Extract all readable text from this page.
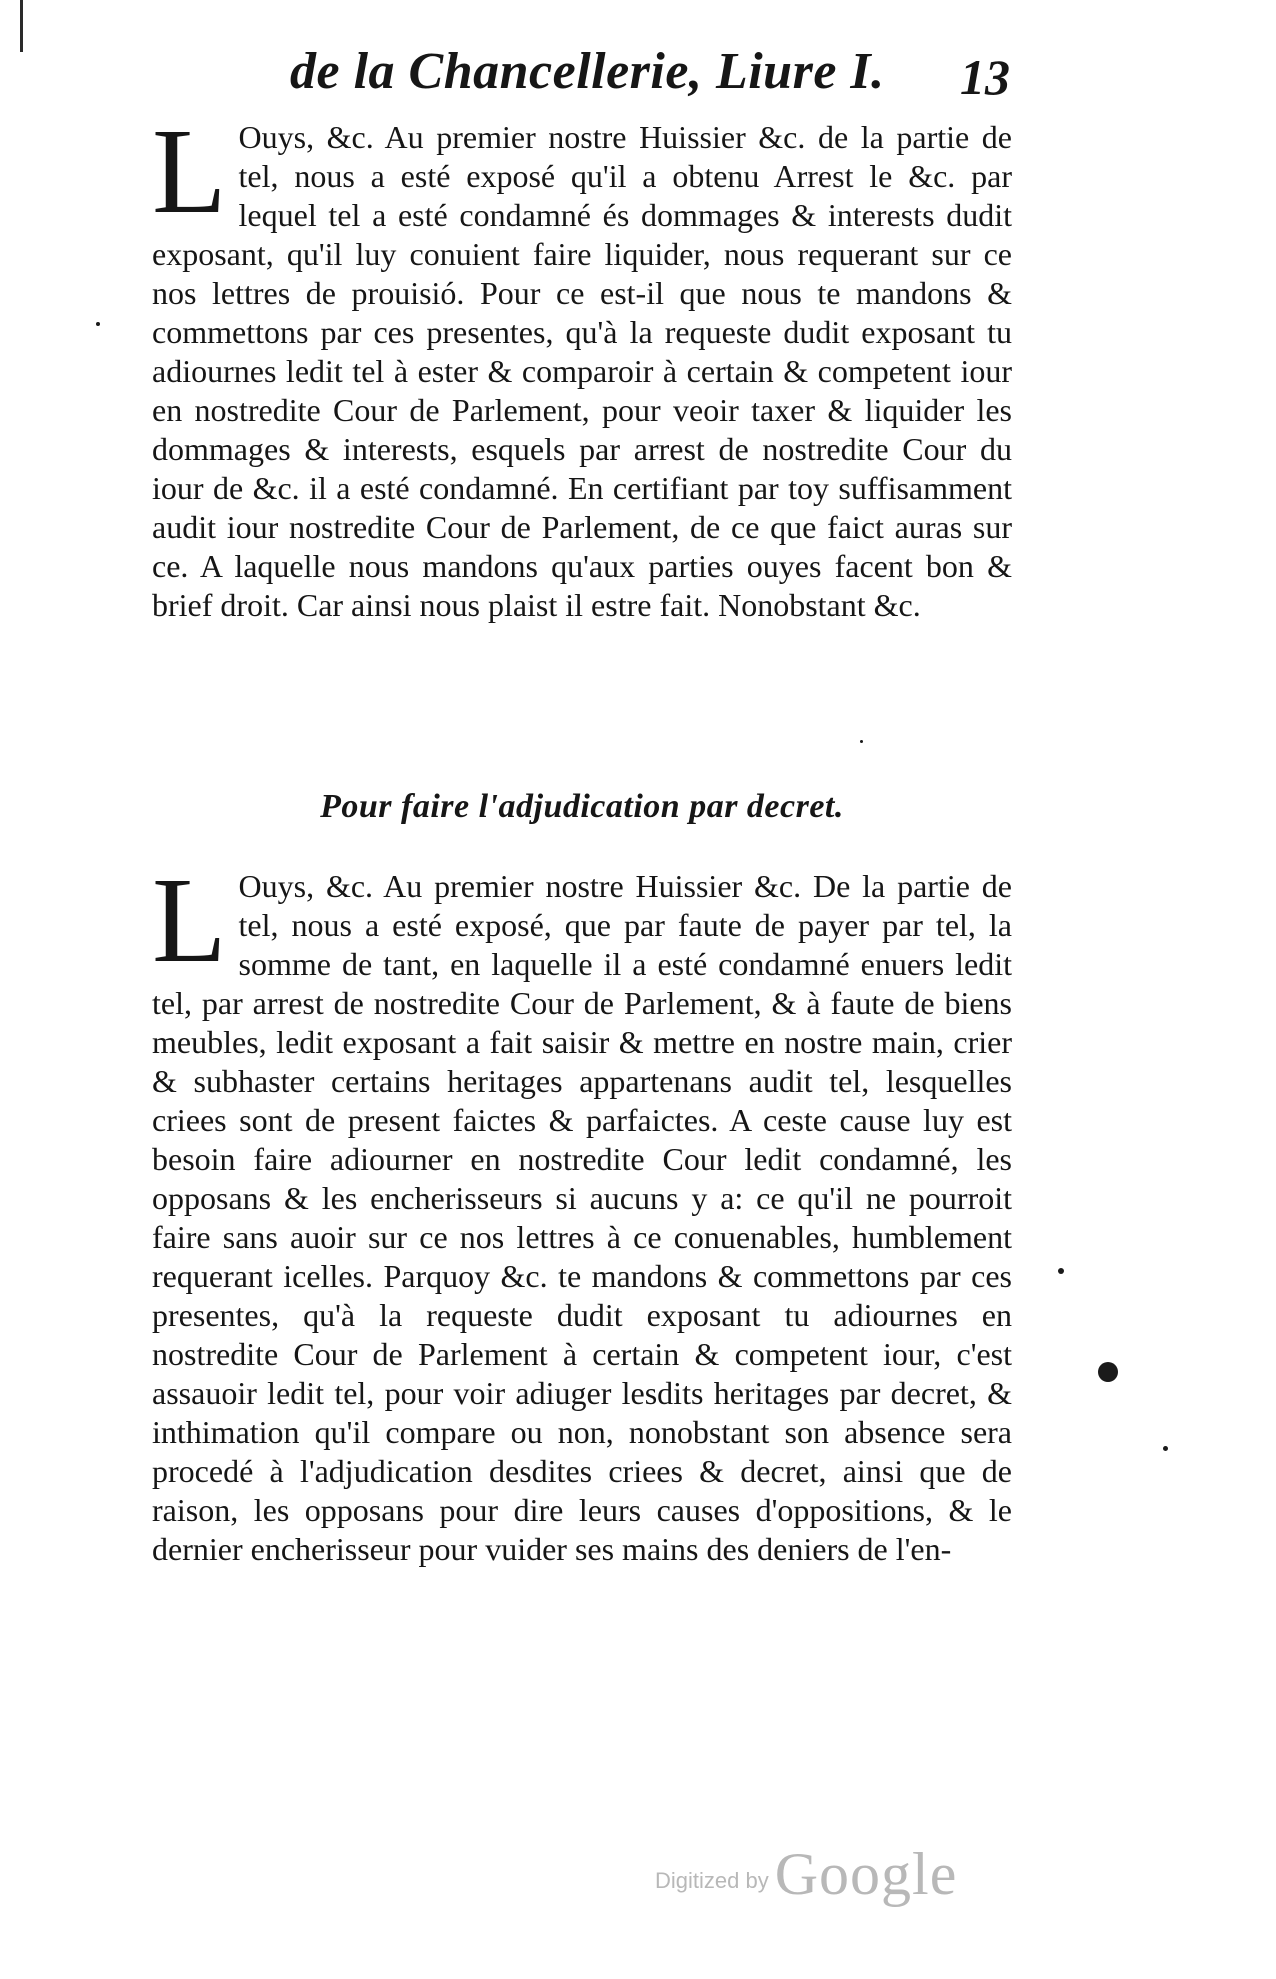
de la Chancellerie, Liure I. 13
L Ouys, &c. Au premier nostre Huissier &c. de la partie de tel, nous a esté exposé qu'il a obtenu Arrest le &c. par lequel tel a esté condamné és dommages & interests dudit exposant, qu'il luy conuient faire liquider, nous requerant sur ce nos lettres de prouisió. Pour ce est-il que nous te mandons & commettons par ces presentes, qu'à la requeste dudit exposant tu adiournes ledit tel à ester & comparoir à certain & competent iour en nostredite Cour de Parlement, pour veoir taxer & liquider les dommages & interests, esquels par arrest de nostredite Cour du iour de &c. il a esté condamné. En certifiant par toy suffisamment audit iour nostredite Cour de Parlement, de ce que faict auras sur ce. A laquelle nous mandons qu'aux parties ouyes facent bon & brief droit. Car ainsi nous plaist il estre fait. Nonobstant &c.
Pour faire l'adjudication par decret.
L Ouys, &c. Au premier nostre Huissier &c. De la partie de tel, nous a esté exposé, que par faute de payer par tel, la somme de tant, en laquelle il a esté condamné enuers ledit tel, par arrest de nostredite Cour de Parlement, & à faute de biens meubles, ledit exposant a fait saisir & mettre en nostre main, crier & subhaster certains heritages appartenans audit tel, lesquelles criees sont de present faictes & parfaictes. A ceste cause luy est besoin faire adiourner en nostredite Cour ledit condamné, les opposans & les encherisseurs si aucuns y a: ce qu'il ne pourroit faire sans auoir sur ce nos lettres à ce conuenables, humblement requerant icelles. Parquoy &c. te mandons & commettons par ces presentes, qu'à la requeste dudit exposant tu adiournes en nostredite Cour de Parlement à certain & competent iour, c'est assauoir ledit tel, pour voir adiuger lesdits heritages par decret, & inthimation qu'il compare ou non, nonobstant son absence sera procedé à l'adjudication desdites criees & decret, ainsi que de raison, les opposans pour dire leurs causes d'oppositions, & le dernier encherisseur pour vuider ses mains des deniers de l'en-
Digitized by Google
